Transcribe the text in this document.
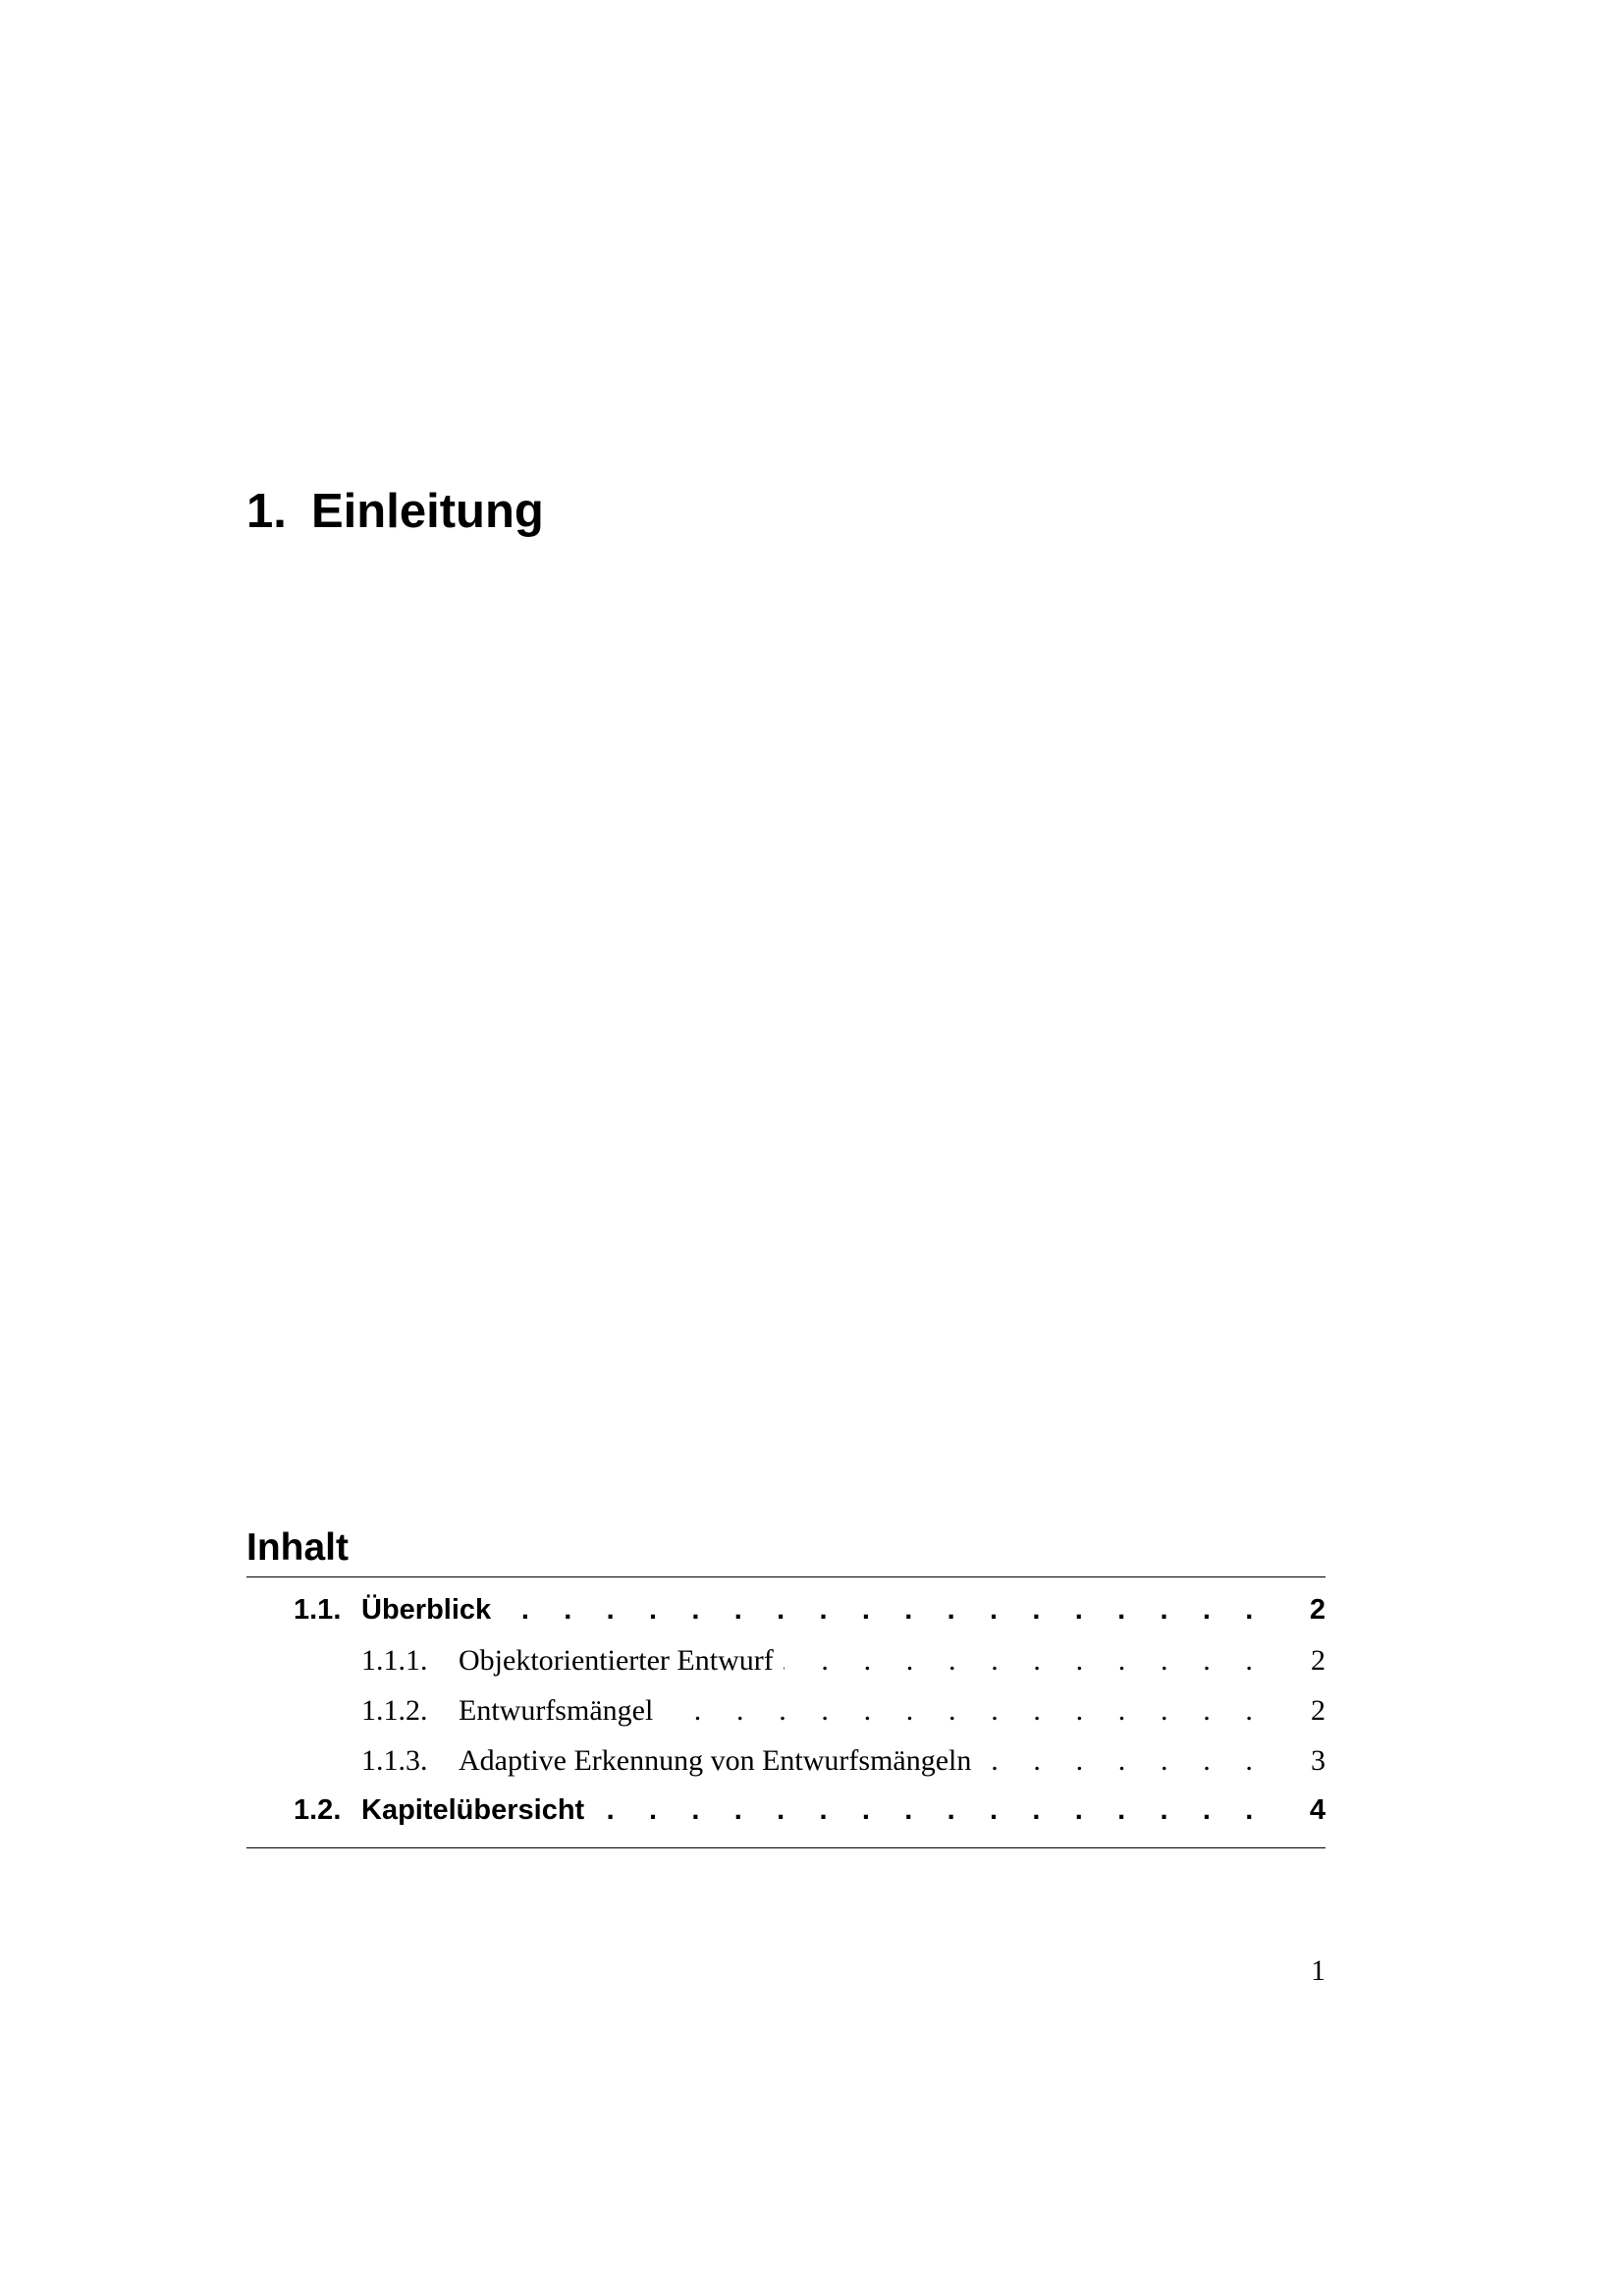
1. Einleitung
Inhalt
1.1. Überblick . . .	2
1.1.1.	Objektorientierter Entwurf . . .	2
1.1.2.	Entwurfsmängel . . .	2
1.1.3.	Adaptive Erkennung von Entwurfsmängeln . . .	3
1.2. Kapitelübersicht . . .	4
1
